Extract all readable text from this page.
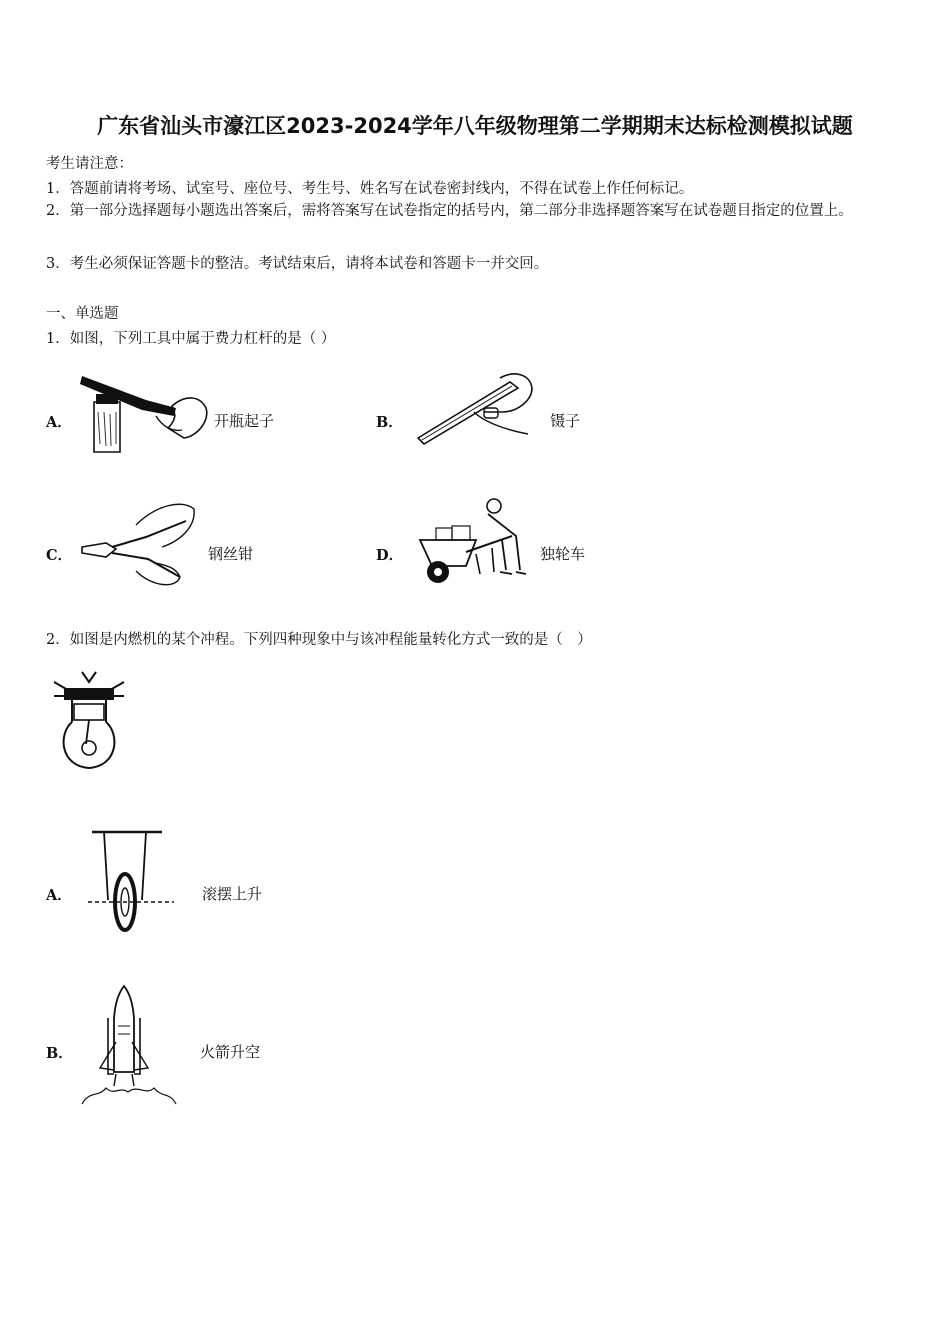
广东省汕头市濠江区2023-2024学年八年级物理第二学期期末达标检测模拟试题
考生请注意：
1．答题前请将考场、试室号、座位号、考生号、姓名写在试卷密封线内，不得在试卷上作任何标记。
2．第一部分选择题每小题选出答案后，需将答案写在试卷指定的括号内，第二部分非选择题答案写在试卷题目指定的位置上。
3．考生必须保证答题卡的整洁。考试结束后，请将本试卷和答题卡一并交回。
一、单选题
1．如图，下列工具中属于费力杠杆的是（ ）
A．	开瓶起子	B．	镊子
C．	钢丝钳	D．	独轮车
2．如图是内燃机的某个冲程。下列四种现象中与该冲程能量转化方式一致的是（　）
A．	滚摆上升
B．	火箭升空
